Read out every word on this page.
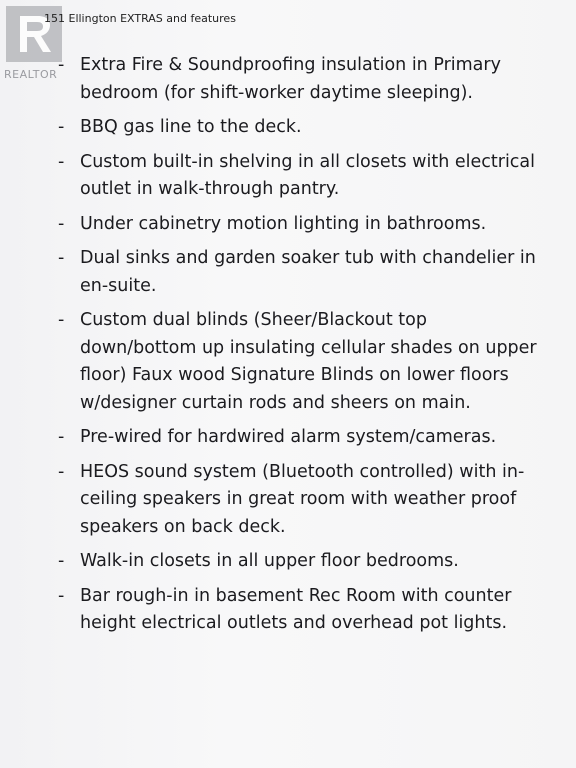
REALTOR
151 Ellington EXTRAS and features
- Extra Fire & Soundproofing insulation in Primary bedroom (for shift-worker daytime sleeping).
- BBQ gas line to the deck.
- Custom built-in shelving in all closets with electrical outlet in walk-through pantry.
- Under cabinetry motion lighting in bathrooms.
- Dual sinks and garden soaker tub with chandelier in en-suite.
- Custom dual blinds (Sheer/Blackout top down/bottom up insulating cellular shades on upper floor) Faux wood Signature Blinds on lower floors w/designer curtain rods and sheers on main.
- Pre-wired for hardwired alarm system/cameras.
- HEOS sound system (Bluetooth controlled) with in-ceiling speakers in great room with weather proof speakers on back deck.
- Walk-in closets in all upper floor bedrooms.
- Bar rough-in in basement Rec Room with counter height electrical outlets and overhead pot lights.
